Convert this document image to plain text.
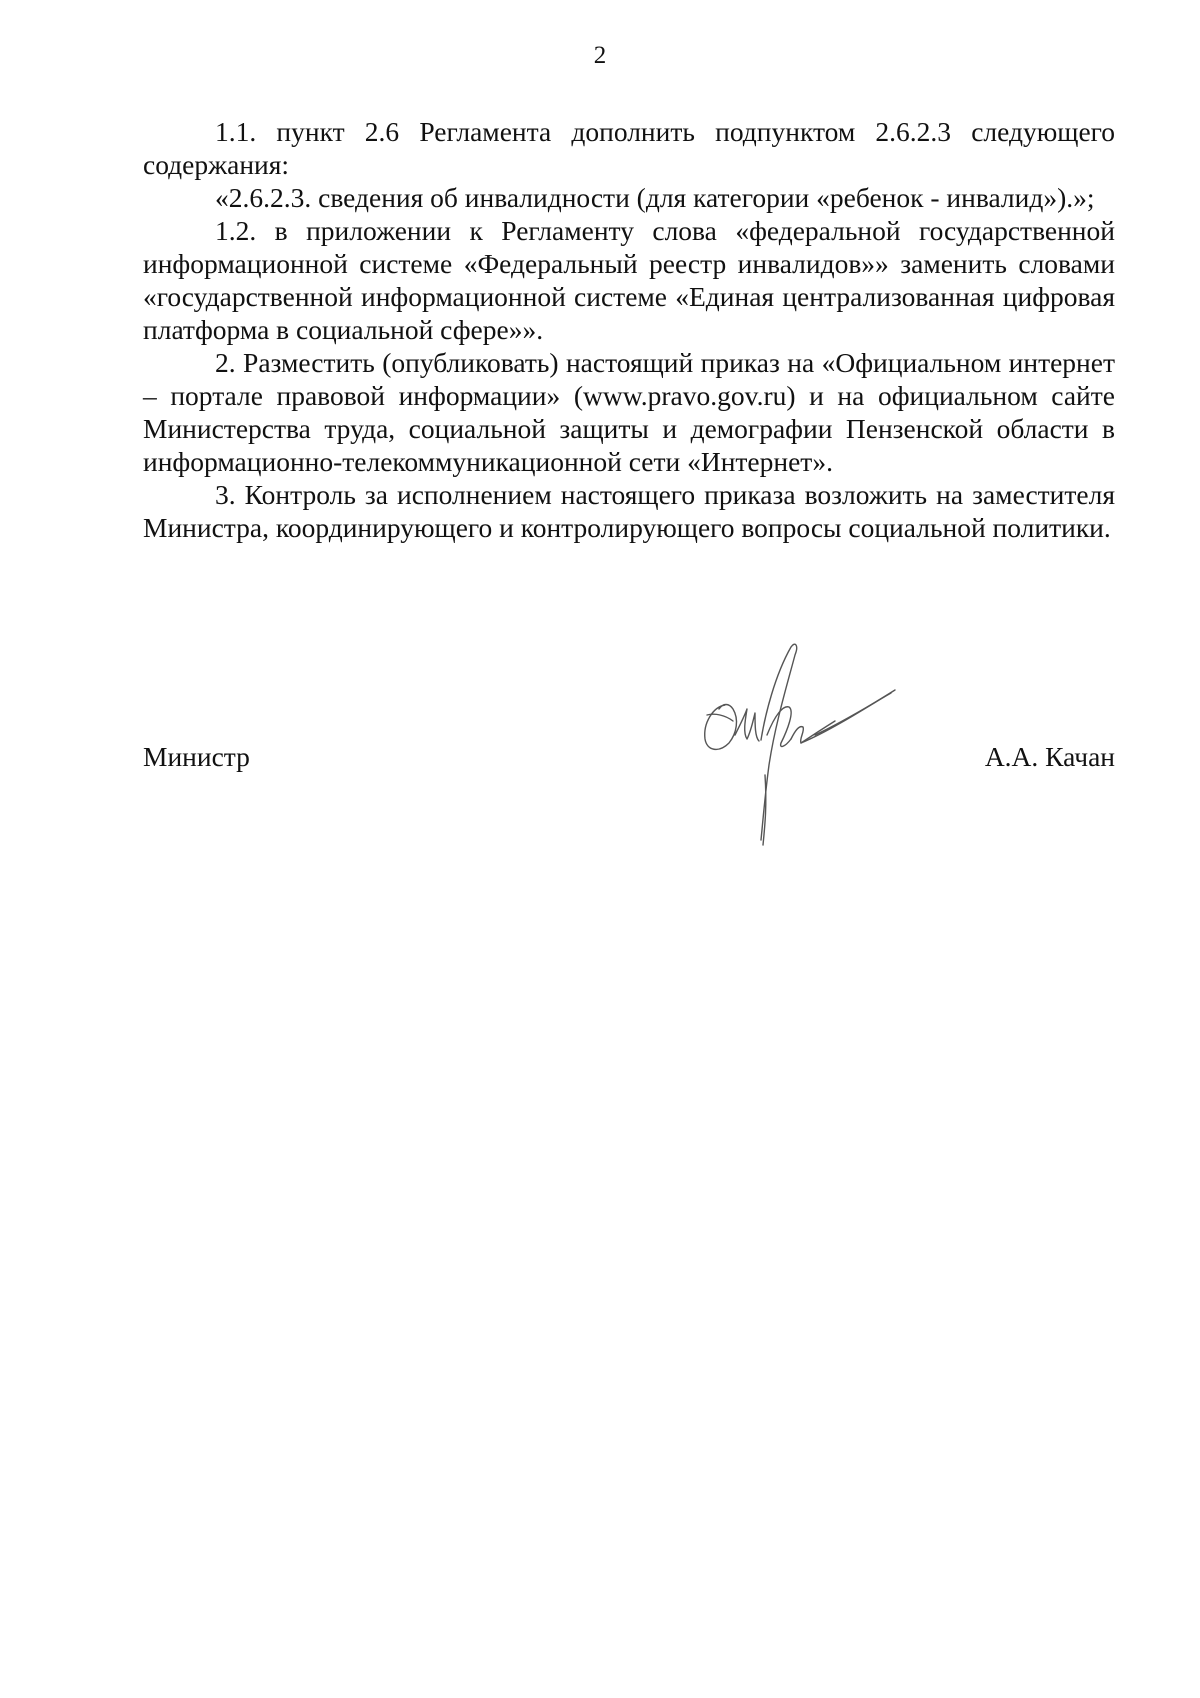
2

1.1. пункт 2.6 Регламента дополнить подпунктом 2.6.2.3 следующего содержания:

«2.6.2.3. сведения об инвалидности (для категории «ребенок - инвалид»).»;

1.2. в приложении к Регламенту слова «федеральной государственной информационной системе «Федеральный реестр инвалидов»» заменить словами «государственной информационной системе «Единая централизованная цифровая платформа в социальной сфере»».

2. Разместить (опубликовать) настоящий приказ на «Официальном интернет – портале правовой информации» (www.pravo.gov.ru) и на официальном сайте Министерства труда, социальной защиты и демографии Пензенской области в информационно-телекоммуникационной сети «Интернет».

3. Контроль за исполнением настоящего приказа возложить на заместителя Министра, координирующего и контролирующего вопросы социальной политики.

Министр	А.А. Качан
